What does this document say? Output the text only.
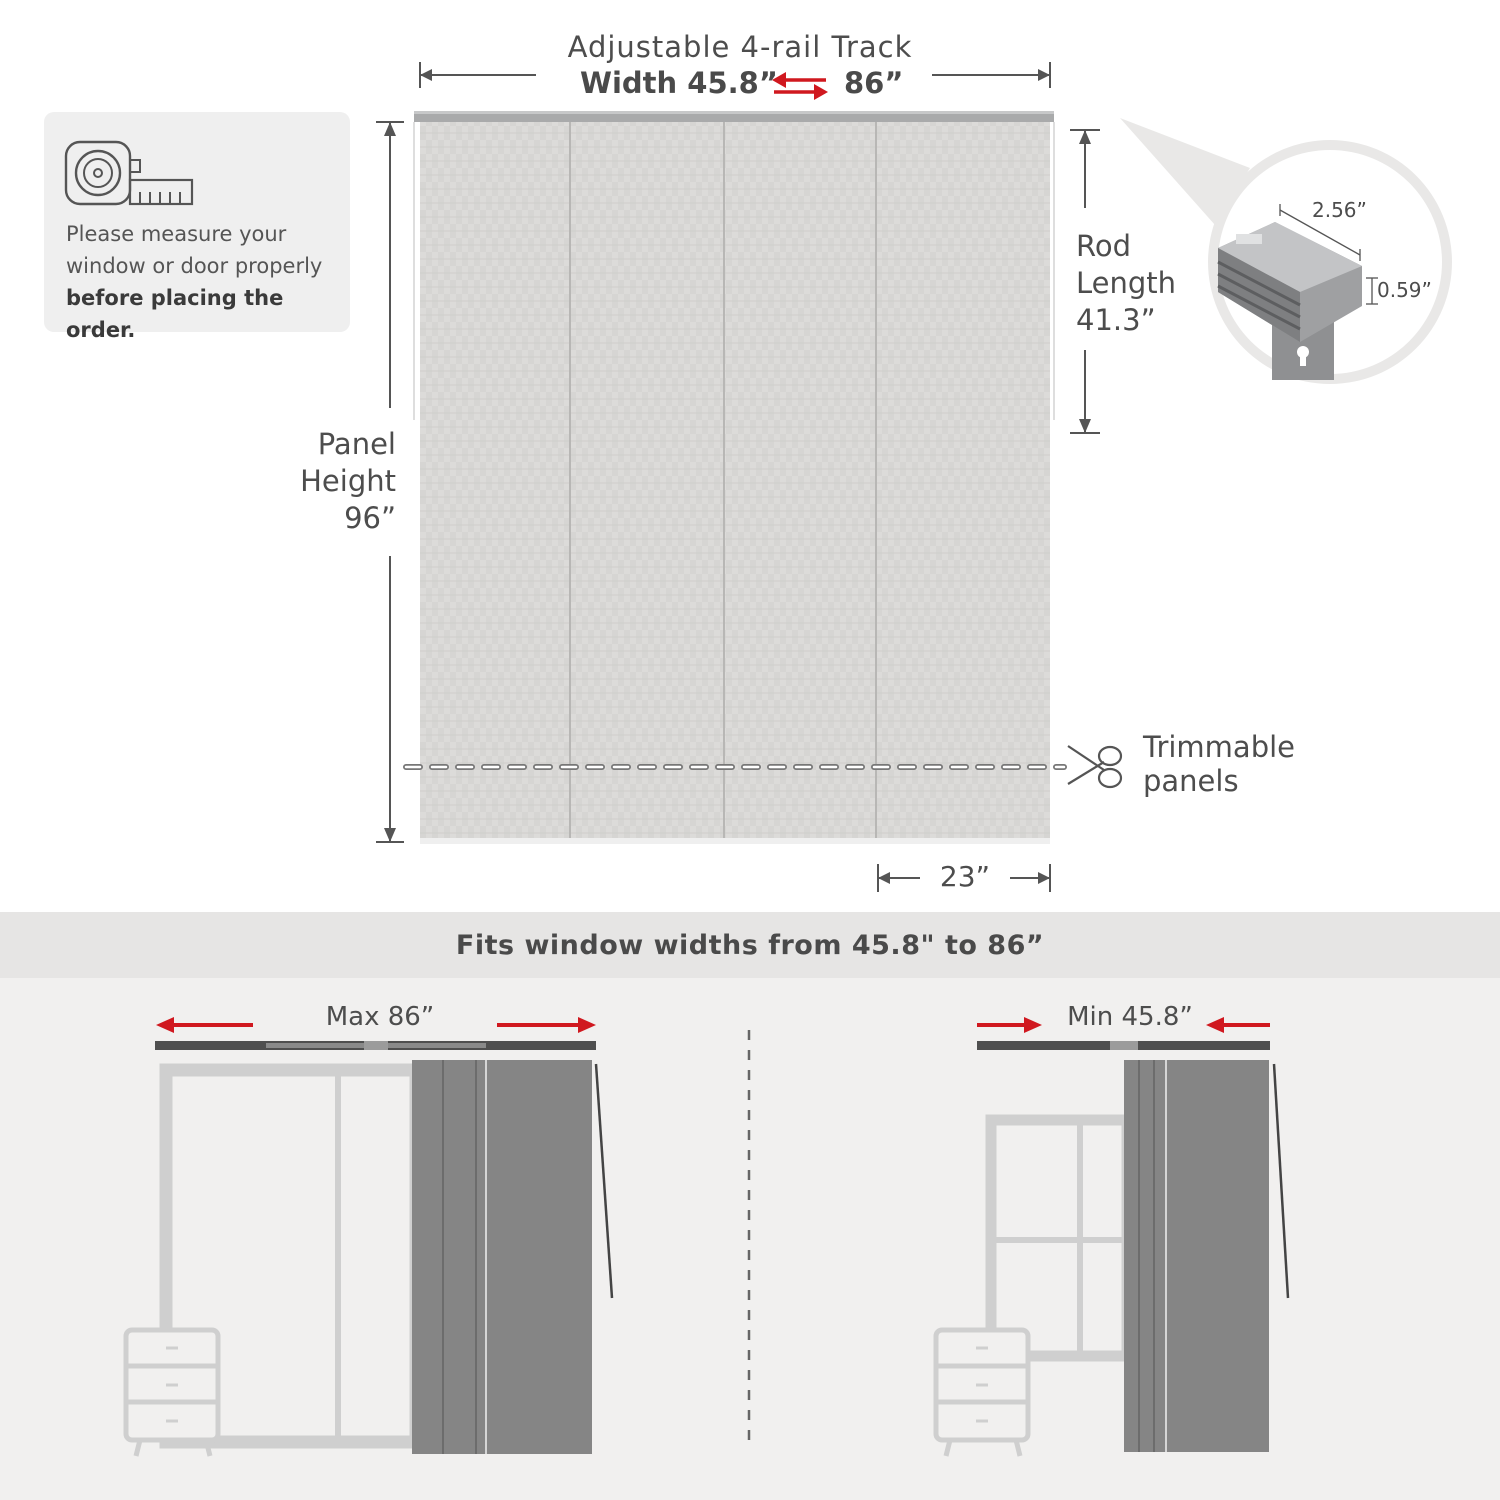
Adjustable 4-rail Track
Width 45.8” 86”
Please measure your
window or door properly
before placing the order.
Panel
Height
96”
Rod
Length
41.3”
2.56”
0.59”
Trimmable
panels
23”
Fits window widths from 45.8" to 86”
Max 86”	Min 45.8”
